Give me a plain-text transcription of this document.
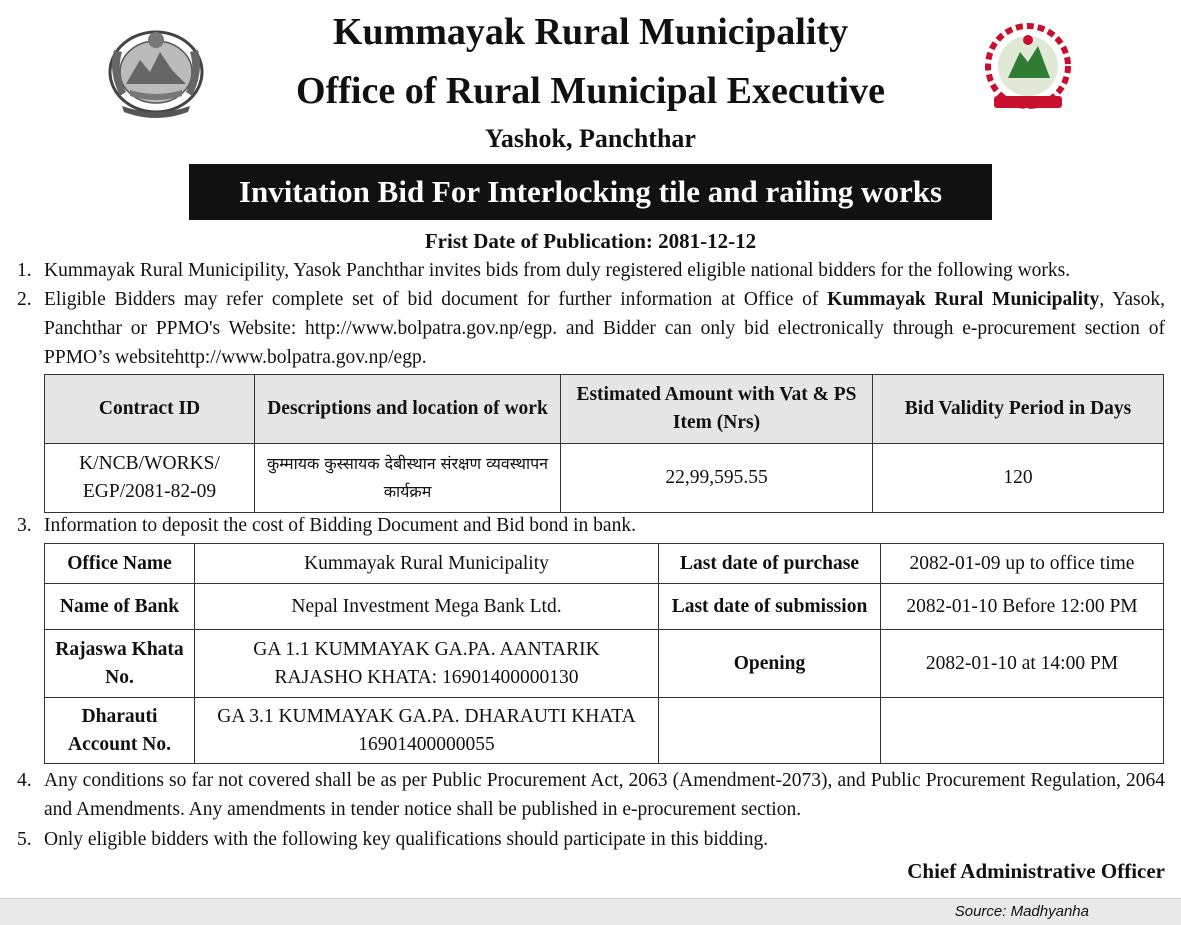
Kummayak Rural Municipality
Office of Rural Municipal Executive
Yashok, Panchthar
Invitation Bid For Interlocking tile and railing works
Frist Date of Publication: 2081-12-12
1. Kummayak Rural Municipility, Yasok Panchthar invites bids from duly registered eligible national bidders for the following works.
2. Eligible Bidders may refer complete set of bid document for further information at Office of Kummayak Rural Municipality, Yasok, Panchthar or PPMO's Website: http://www.bolpatra.gov.np/egp. and Bidder can only bid electronically through e-procurement section of PPMO’s websitehttp://www.bolpatra.gov.np/egp.
Contract ID	Descriptions and location of work	Estimated Amount with Vat & PS Item (Nrs)	Bid Validity Period in Days
K/NCB/WORKS/ EGP/2081-82-09	कुम्मायक कुस्सायक देबीस्थान संरक्षण व्यवस्थापन कार्यक्रम	22,99,595.55	120
3. Information to deposit the cost of Bidding Document and Bid bond in bank.
Office Name	Kummayak Rural Municipality	Last date of purchase	2082-01-09 up to office time
Name of Bank	Nepal Investment Mega Bank Ltd.	Last date of submission	2082-01-10 Before 12:00 PM
Rajaswa Khata No.	GA 1.1 KUMMAYAK GA.PA. AANTARIK RAJASHO KHATA: 16901400000130	Opening	2082-01-10 at 14:00 PM
Dharauti Account No.	GA 3.1 KUMMAYAK GA.PA. DHARAUTI KHATA 16901400000055		
4. Any conditions so far not covered shall be as per Public Procurement Act, 2063 (Amendment-2073), and Public Procurement Regulation, 2064 and Amendments. Any amendments in tender notice shall be published in e-procurement section.
5. Only eligible bidders with the following key qualifications should participate in this bidding.
Chief Administrative Officer
Source: Madhyanha
